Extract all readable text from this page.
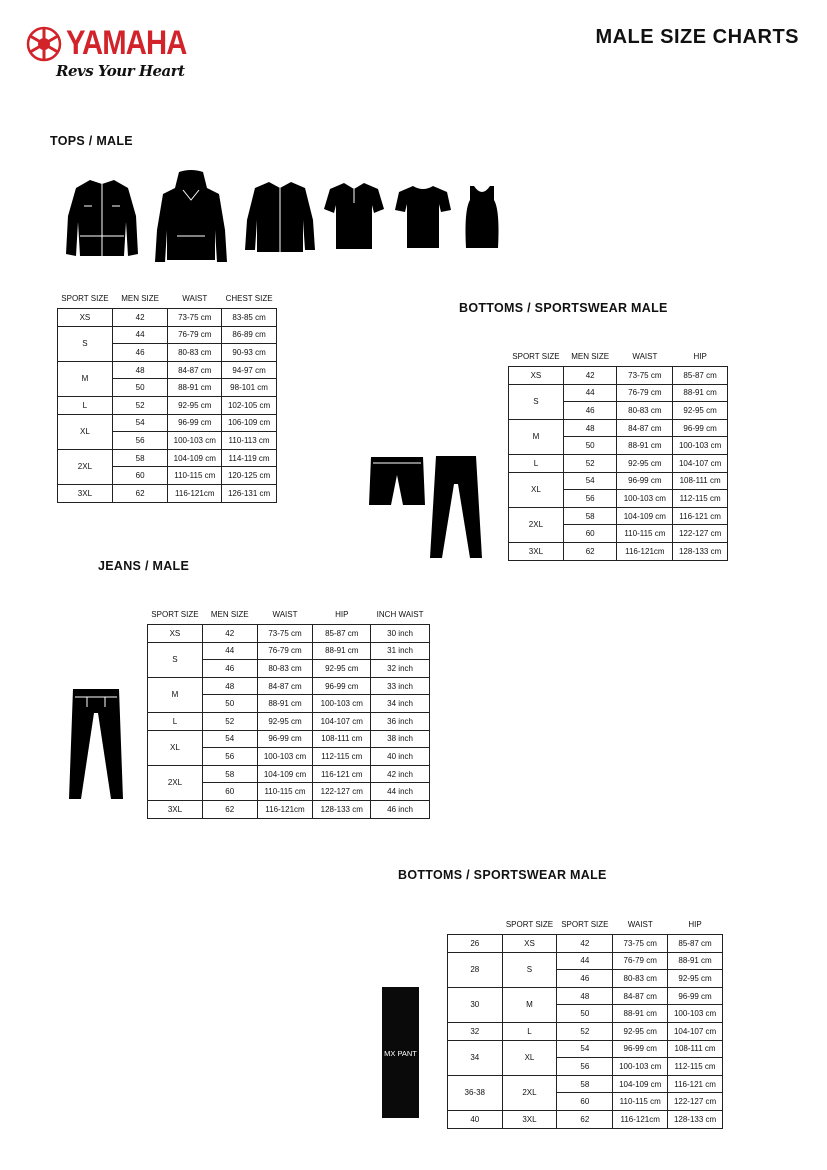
YAMAHA
Revs Your Heart
MALE SIZE CHARTS
TOPS / MALE
BOTTOMS / SPORTSWEAR MALE
JEANS / MALE
BOTTOMS / SPORTSWEAR MALE
MX PANT
SPORT SIZE	MEN SIZE	WAIST	CHEST SIZE
XS	42	73-75 cm	83-85 cm
S	44	76-79 cm	86-89 cm
	46	80-83 cm	90-93 cm
M	48	84-87 cm	94-97 cm
	50	88-91 cm	98-101 cm
L	52	92-95 cm	102-105 cm
XL	54	96-99 cm	106-109 cm
	56	100-103 cm	110-113 cm
2XL	58	104-109 cm	114-119 cm
	60	110-115 cm	120-125 cm
3XL	62	116-121cm	126-131 cm
SPORT SIZE	MEN SIZE	WAIST	HIP
XS	42	73-75 cm	85-87 cm
S	44	76-79 cm	88-91 cm
	46	80-83 cm	92-95 cm
M	48	84-87 cm	96-99 cm
	50	88-91 cm	100-103 cm
L	52	92-95 cm	104-107 cm
XL	54	96-99 cm	108-111 cm
	56	100-103 cm	112-115 cm
2XL	58	104-109 cm	116-121 cm
	60	110-115 cm	122-127 cm
3XL	62	116-121cm	128-133 cm
SPORT SIZE	MEN SIZE	WAIST	HIP	INCH WAIST
XS	42	73-75 cm	85-87 cm	30 inch
S	44	76-79 cm	88-91 cm	31 inch
	46	80-83 cm	92-95 cm	32 inch
M	48	84-87 cm	96-99 cm	33 inch
	50	88-91 cm	100-103 cm	34 inch
L	52	92-95 cm	104-107 cm	36 inch
XL	54	96-99 cm	108-111 cm	38 inch
	56	100-103 cm	112-115 cm	40 inch
2XL	58	104-109 cm	116-121 cm	42 inch
	60	110-115 cm	122-127 cm	44 inch
3XL	62	116-121cm	128-133 cm	46 inch
	SPORT SIZE	SPORT SIZE	WAIST	HIP
26	XS	42	73-75 cm	85-87 cm
28	S	44	76-79 cm	88-91 cm
		46	80-83 cm	92-95 cm
30	M	48	84-87 cm	96-99 cm
		50	88-91 cm	100-103 cm
32	L	52	92-95 cm	104-107 cm
34	XL	54	96-99 cm	108-111 cm
		56	100-103 cm	112-115 cm
36-38	2XL	58	104-109 cm	116-121 cm
		60	110-115 cm	122-127 cm
40	3XL	62	116-121cm	128-133 cm
